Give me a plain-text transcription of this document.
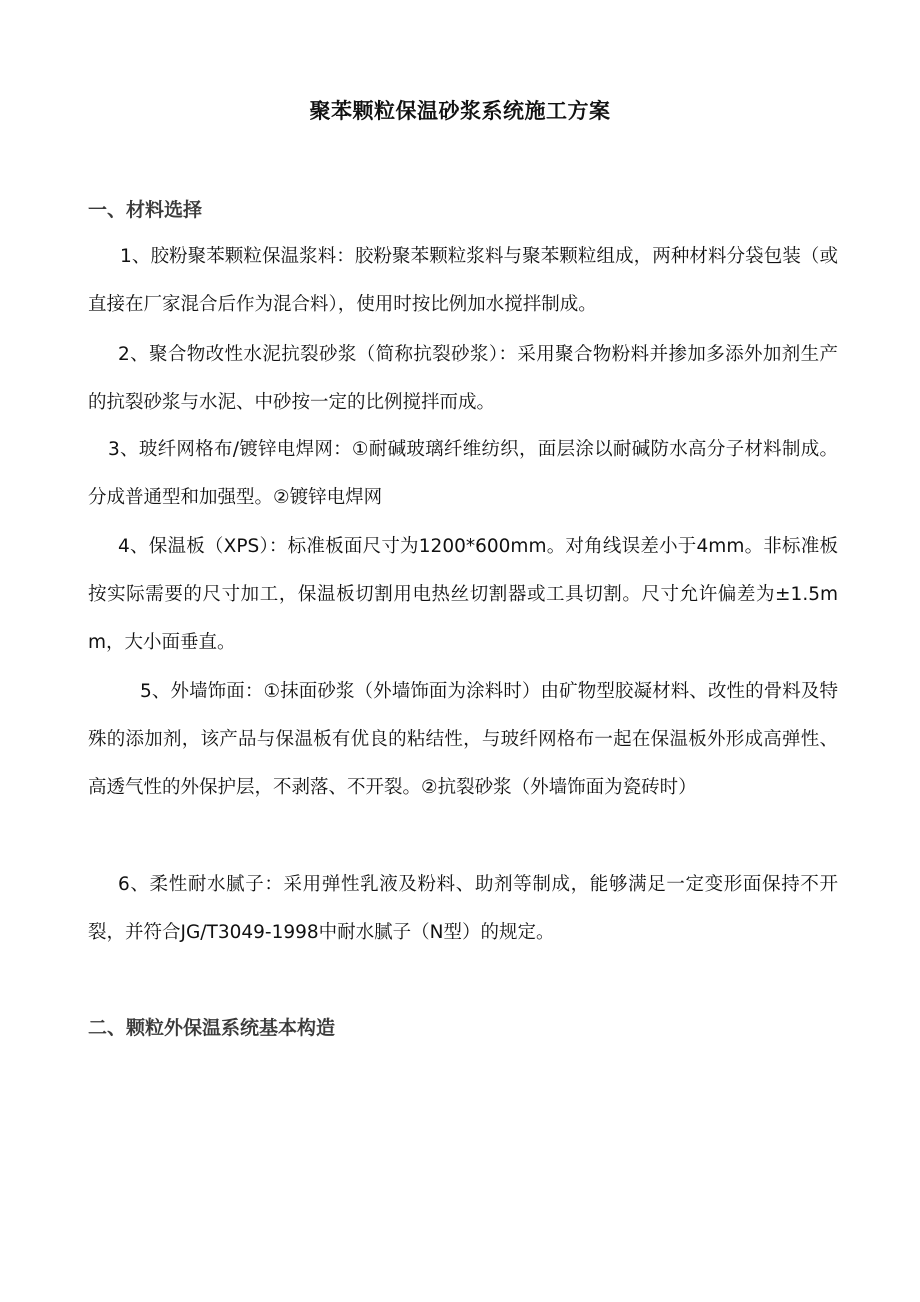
聚苯颗粒保温砂浆系统施工方案
一、材料选择
1、胶粉聚苯颗粒保温浆料：胶粉聚苯颗粒浆料与聚苯颗粒组成，两种材料分袋包装（或直接在厂家混合后作为混合料），使用时按比例加水搅拌制成。
2、聚合物改性水泥抗裂砂浆（简称抗裂砂浆）：采用聚合物粉料并掺加多添外加剂生产的抗裂砂浆与水泥、中砂按一定的比例搅拌而成。
3、玻纤网格布/镀锌电焊网：①耐碱玻璃纤维纺织，面层涂以耐碱防水高分子材料制成。分成普通型和加强型。②镀锌电焊网
4、保温板（XPS）：标准板面尺寸为1200*600mm。对角线误差小于4mm。非标准板按实际需要的尺寸加工，保温板切割用电热丝切割器或工具切割。尺寸允许偏差为±1.5mm，大小面垂直。
5、外墙饰面：①抹面砂浆（外墙饰面为涂料时）由矿物型胶凝材料、改性的骨料及特殊的添加剂，该产品与保温板有优良的粘结性，与玻纤网格布一起在保温板外形成高弹性、高透气性的外保护层，不剥落、不开裂。②抗裂砂浆（外墙饰面为瓷砖时）
6、柔性耐水腻子：采用弹性乳液及粉料、助剂等制成，能够满足一定变形面保持不开裂，并符合JG/T3049-1998中耐水腻子（N型）的规定。
二、颗粒外保温系统基本构造
